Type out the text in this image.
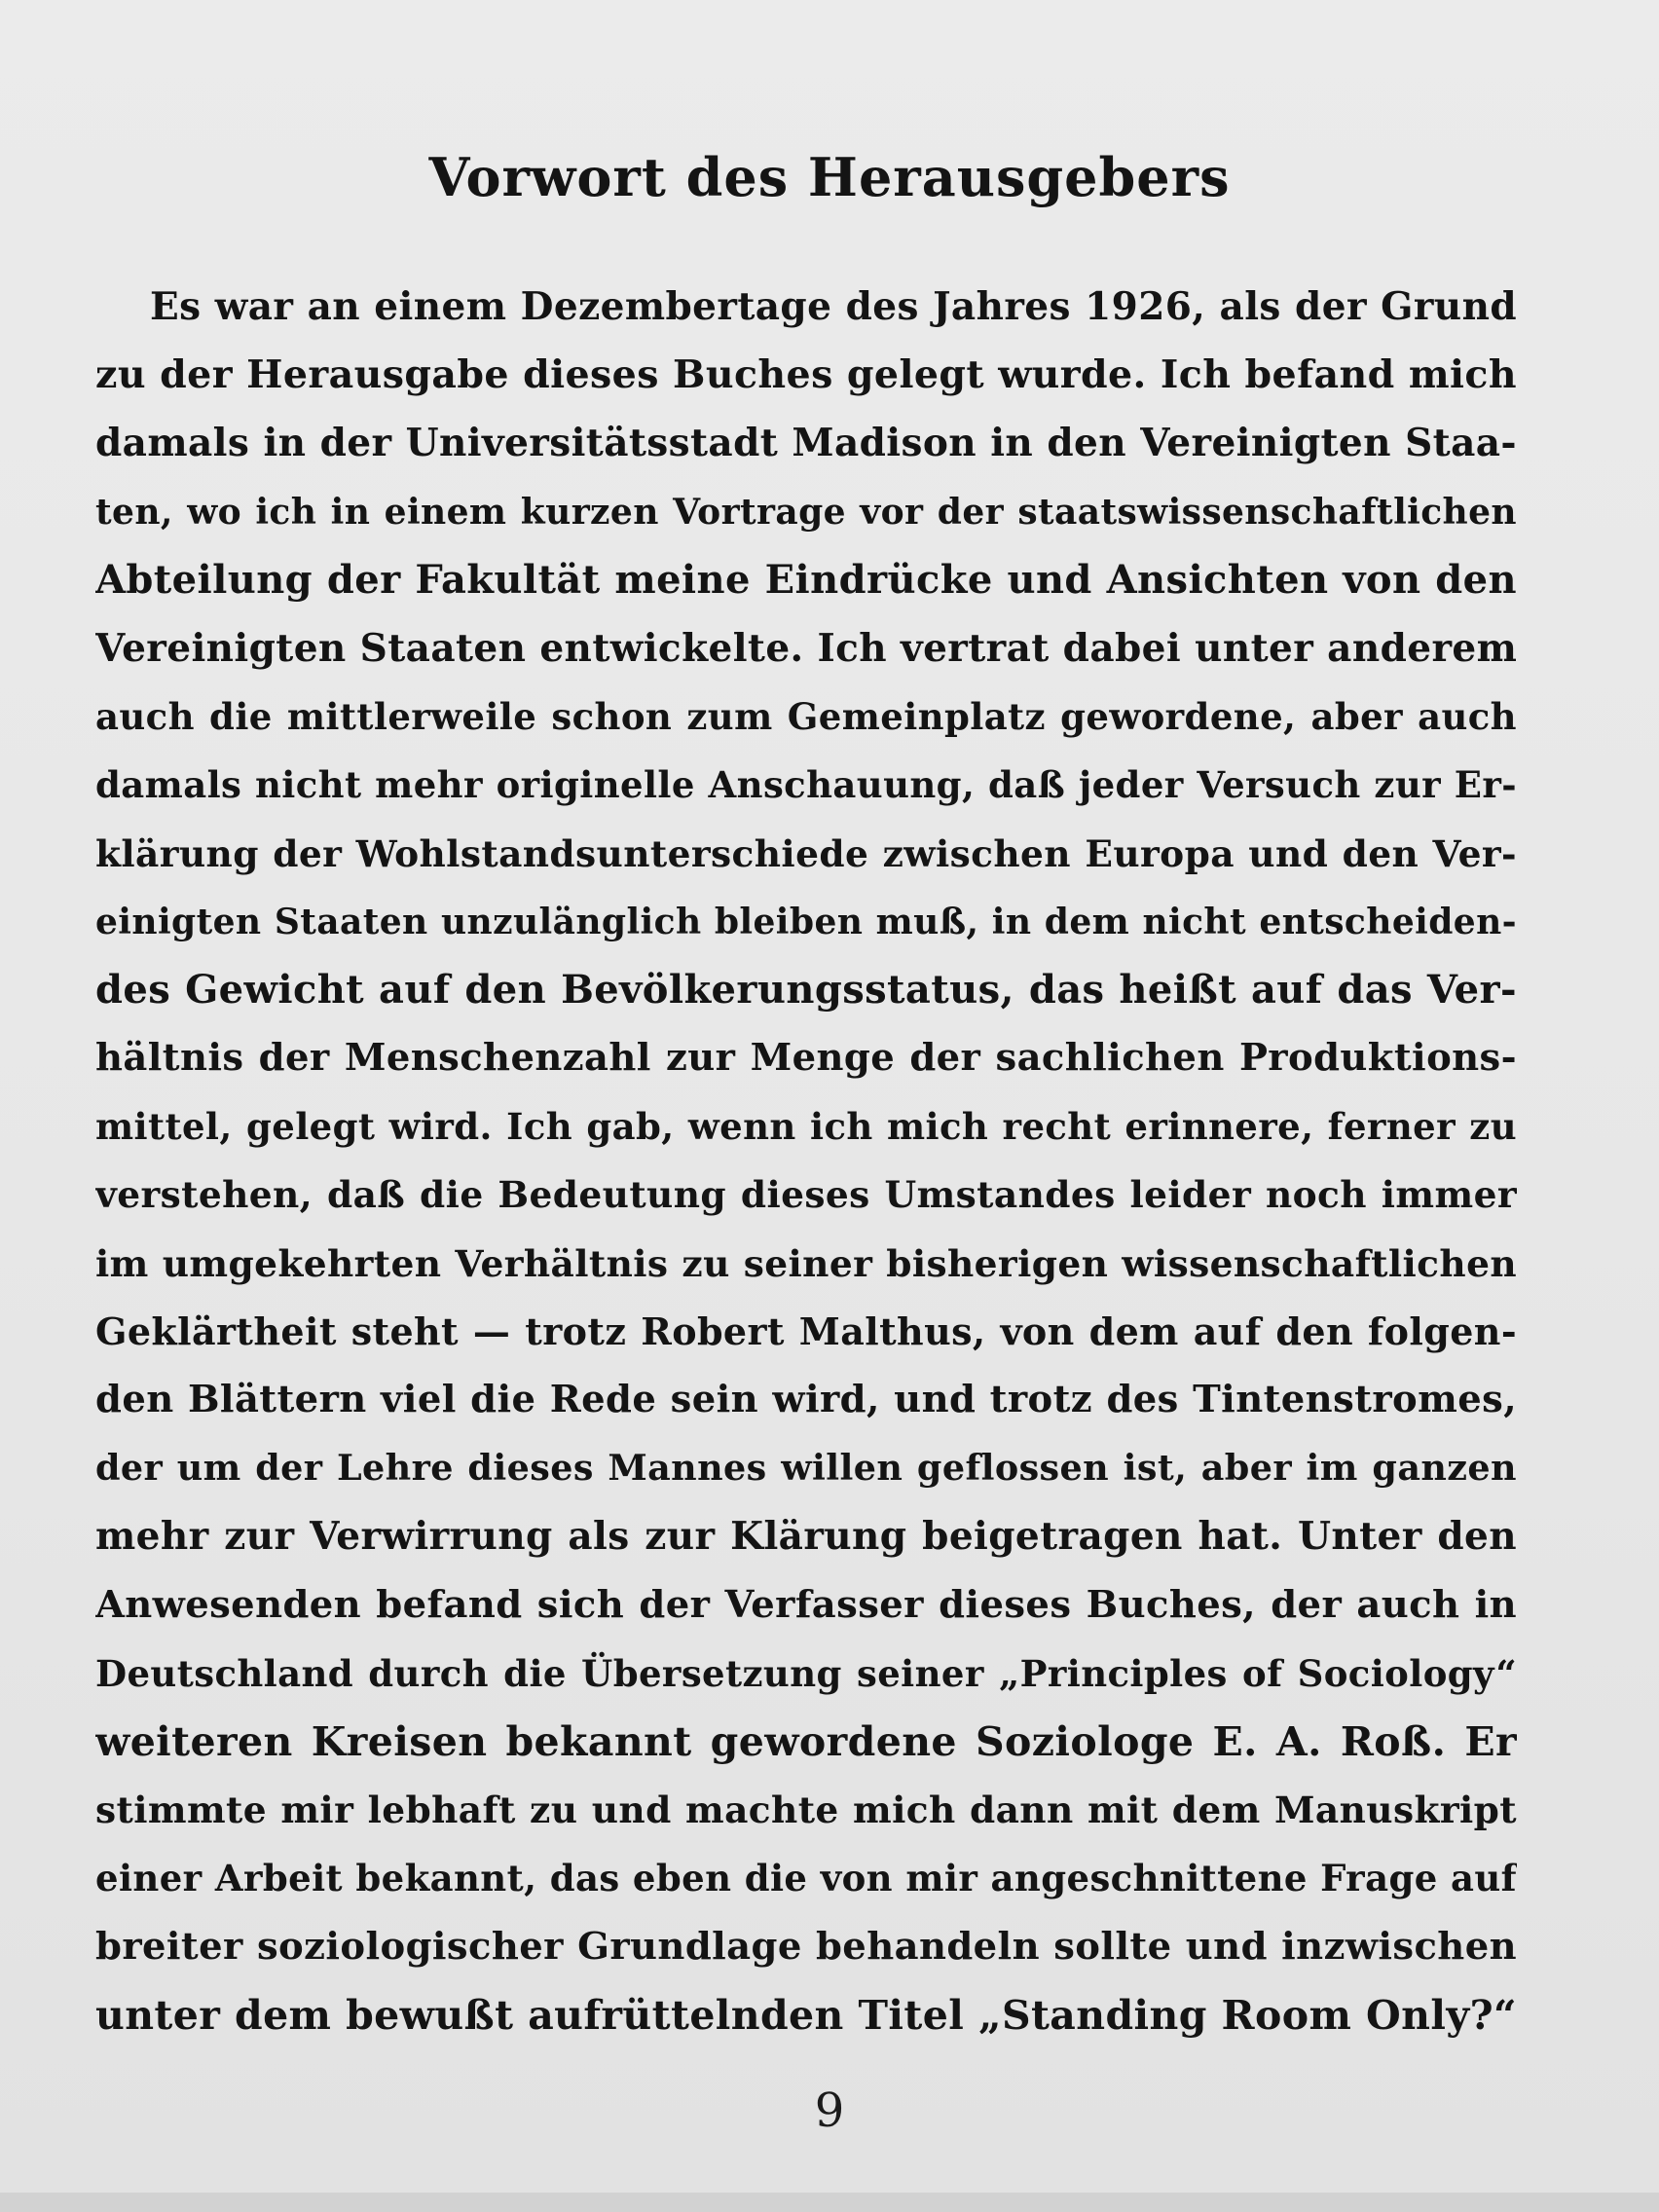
Vorwort des Herausgebers
Es war an einem Dezembertage des Jahres 1926, als der Grund
zu der Herausgabe dieses Buches gelegt wurde. Ich befand mich
damals in der Universitätsstadt Madison in den Vereinigten Staa-
ten, wo ich in einem kurzen Vortrage vor der staatswissenschaftlichen
Abteilung der Fakultät meine Eindrücke und Ansichten von den
Vereinigten Staaten entwickelte. Ich vertrat dabei unter anderem
auch die mittlerweile schon zum Gemeinplatz gewordene, aber auch
damals nicht mehr originelle Anschauung, daß jeder Versuch zur Er-
klärung der Wohlstandsunterschiede zwischen Europa und den Ver-
einigten Staaten unzulänglich bleiben muß, in dem nicht entscheiden-
des Gewicht auf den Bevölkerungsstatus, das heißt auf das Ver-
hältnis der Menschenzahl zur Menge der sachlichen Produktions-
mittel, gelegt wird. Ich gab, wenn ich mich recht erinnere, ferner zu
verstehen, daß die Bedeutung dieses Umstandes leider noch immer
im umgekehrten Verhältnis zu seiner bisherigen wissenschaftlichen
Geklärtheit steht — trotz Robert Malthus, von dem auf den folgen-
den Blättern viel die Rede sein wird, und trotz des Tintenstromes,
der um der Lehre dieses Mannes willen geflossen ist, aber im ganzen
mehr zur Verwirrung als zur Klärung beigetragen hat. Unter den
Anwesenden befand sich der Verfasser dieses Buches, der auch in
Deutschland durch die Übersetzung seiner „Principles of Sociology“
weiteren Kreisen bekannt gewordene Soziologe E. A. Roß. Er
stimmte mir lebhaft zu und machte mich dann mit dem Manuskript
einer Arbeit bekannt, das eben die von mir angeschnittene Frage auf
breiter soziologischer Grundlage behandeln sollte und inzwischen
unter dem bewußt aufrüttelnden Titel „Standing Room Only?“
9
